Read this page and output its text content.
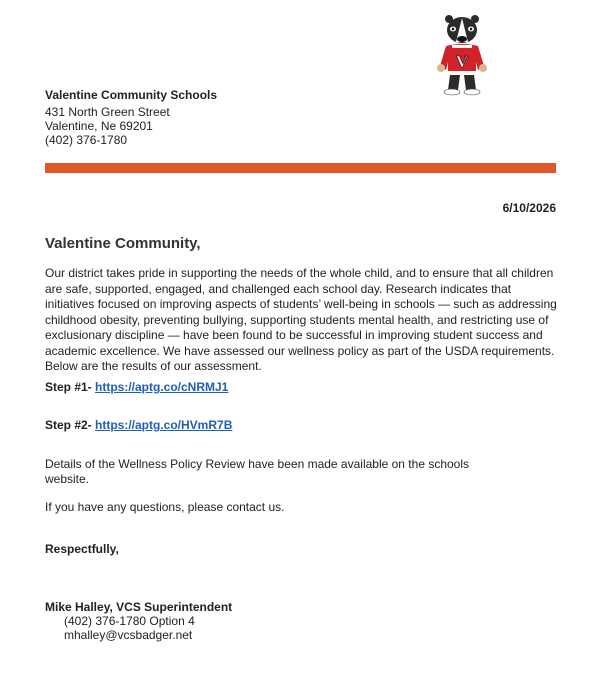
V
Valentine Community Schools
431 North Green Street
Valentine, Ne 69201
(402) 376-1780
6/10/2026
Valentine Community,
Our district takes pride in supporting the needs of the whole child, and to ensure that all children are safe, supported, engaged, and challenged each school day. Research indicates that initiatives focused on improving aspects of students’ well-being in schools — such as addressing childhood obesity, preventing bullying, supporting students mental health, and restricting use of exclusionary discipline — have been found to be successful in improving student success and academic excellence. We have assessed our wellness policy as part of the USDA requirements. Below are the results of our assessment.
Step #1- https://aptg.co/cNRMJ1
Step #2- https://aptg.co/HVmR7B
Details of the Wellness Policy Review have been made available on the schools website.
If you have any questions, please contact us.
Respectfully,
Mike Halley, VCS Superintendent
(402) 376-1780 Option 4
mhalley@vcsbadger.net
